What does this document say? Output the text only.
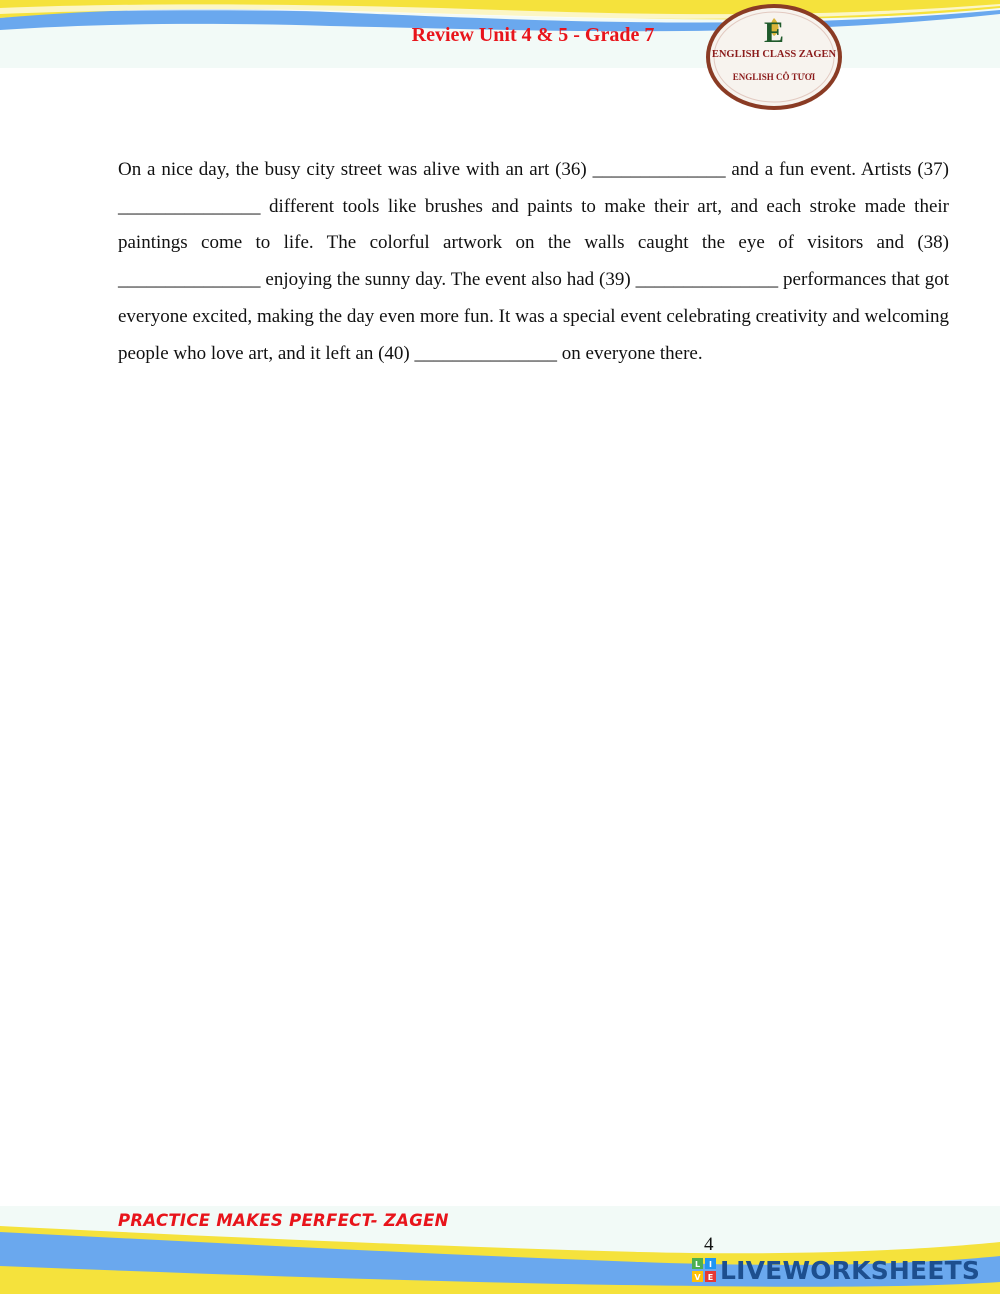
Review Unit 4 & 5 - Grade 7	E
ENGLISH CLASS ZAGEN
ENGLISH CÔ TƯƠI

On a nice day, the busy city street was alive with an art (36) ______________ and a fun event. Artists (37) _______________ different tools like brushes and paints to make their art, and each stroke made their paintings come to life. The colorful artwork on the walls caught the eye of visitors and (38) _______________ enjoying the sunny day. The event also had (39) _______________ performances that got everyone excited, making the day even more fun. It was a special event celebrating creativity and welcoming people who love art, and it left an (40) _______________ on everyone there.

PRACTICE MAKES PERFECT- ZAGEN
4
L I
V E LIVEWORKSHEETS
